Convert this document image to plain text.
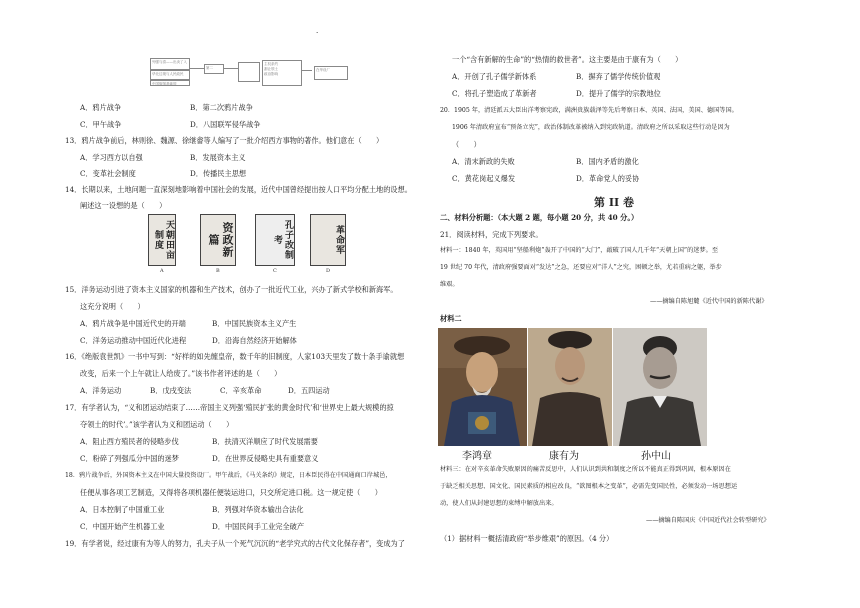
·
列强与清——出卖了入
华北边境与人民政民
中国版图基础领
第二
主权条约
割让领土
政治影响
在华设厂
A．鸦片战争	B．第二次鸦片战争
C．甲午战争	D．八国联军侵华战争
13．鸦片战争前后，林则徐、魏源、徐继畬等人编写了一批介绍西方事物的著作。他们意在（　　）
A．学习西方以自强	B．发展资本主义
C．变革社会制度	D．传播民主思想
14．长期以来，土地问题一直深刻地影响着中国社会的发展，近代中国曾经提出按人口平均分配土地的设想。
阐述这一设想的是（　　）
天朝田亩制度
A
资政新篇
B
孔子改制考
C
革命军
D
15．洋务运动引进了资本主义国家的机器和生产技术，创办了一批近代工业，兴办了新式学校和新海军。
这充分说明（　　）
A．鸦片战争是中国近代史的开端	B．中国民族资本主义产生
C．洋务运动推动中国近代化进程	D．沿海自然经济开始解体
16．《绝版袁世凯》一书中写到：“好样的如先缠皇帝，数千年的旧制度，人家103天里发了数十条手谕就想
改变，后来一个上午就让人给废了。”该书作者评述的是（　　）
A．洋务运动	B．戊戌变法	C．辛亥革命	D．五四运动
17．有学者认为，“义和团运动结束了……帝国主义列强‘殖民扩张的黄金时代’和‘世界史上最大规模的掠
夺领土的时代’。”该学者认为义和团运动（　　）
A．阻止西方殖民者的侵略步伐	B．扶清灭洋顺应了时代发展需要
C．粉碎了列强瓜分中国的迷梦	D．在世界反侵略史具有重要意义
18．鸦片战争后，外国资本主义在中国大量投资设厂。甲午战后，《马关条约》规定，日本臣民得在中国通商口岸城邑，
任便从事各项工艺制造，又得将各项机器任便装运进口，只交所定进口税。这一规定使（　　）
A．日本控制了中国重工业	B．列强对华资本输出合法化
C．中国开始产生机器工业	D．中国民间手工业完全破产
19．有学者说，经过康有为等人的努力，孔夫子从一个死气沉沉的“老学究式的古代文化保存者”，变成为了
一个“含有新解的生命”的“热情的救世者”。这主要是由于康有为（　　）
A．开创了孔子儒学新体系	B．摒弃了儒学传统价值观
C．将孔子塑造成了革新者	D．提升了儒学的宗教地位
20．1905 年，清廷派五大臣出洋考察宪政，满洲贵族载泽等先后考察日本、英国、法国，美国、德国等国。
1906 年清政府宣布“预备立宪”，政治体制改革被纳入到宪政轨道。清政府之所以采取这些行动是因为
（　　）
A．清末新政的失败	B．国内矛盾的激化
C．黄花岗起义爆发	D．革命党人的妥协
第 II 卷
二、材料分析题：（本大题 2 题，每小题 20 分，共 40 分。）
21．阅读材料，完成下列要求。
材料一：1840 年，英国用“坚船利炮”轰开了中国的“大门”，敲破了国人几千年“天朝上国”的迷梦。至
19 世纪 70 年代，清政府强要面对“发达”之急，还要应对“洋人”之究，困顿之举，尤若重病之躯，举步
维艰。
——摘编自陈旭麓《近代中国的新陈代谢》
材料二
李鸿章	康有为	孙中山
材料三：在对辛亥革命失败原因的痛苦反思中，人们认识到共和制度之所以不能真正得到巩固，根本原因在
于缺乏相关思想、国文化、国民素质的相应改良，“欲图根本之变革”，必需先变国民性，必须发动一场思想运
动，使人们从封建思想的束缚中解放出来。
——摘编自陈国庆《中国近代社会转型研究》
（1）据材料一概括清政府“举步维艰”的原因。（4 分）
